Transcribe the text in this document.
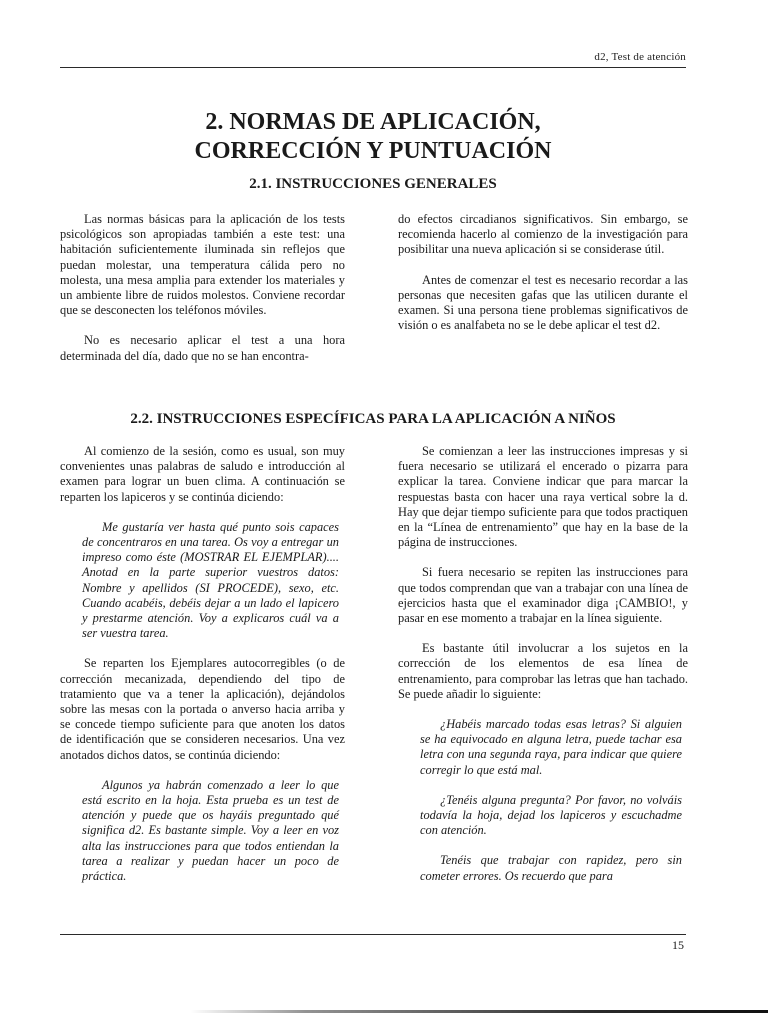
d2, Test de atención
2. NORMAS DE APLICACIÓN,
CORRECCIÓN Y PUNTUACIÓN
2.1. INSTRUCCIONES GENERALES

Las normas básicas para la aplicación de los tests psicológicos son apropiadas también a este test: una habitación suficientemente iluminada sin reflejos que puedan molestar, una temperatura cálida pero no molesta, una mesa amplia para extender los materiales y un ambiente libre de ruidos molestos. Conviene recordar que se desconecten los teléfonos móviles.

No es necesario aplicar el test a una hora determinada del día, dado que no se han encontra-

do efectos circadianos significativos. Sin embargo, se recomienda hacerlo al comienzo de la investigación para posibilitar una nueva aplicación si se considerase útil.

Antes de comenzar el test es necesario recordar a las personas que necesiten gafas que las utilicen durante el examen. Si una persona tiene problemas significativos de visión o es analfabeta no se le debe aplicar el test d2.

2.2. INSTRUCCIONES ESPECÍFICAS PARA LA APLICACIÓN A NIÑOS

Al comienzo de la sesión, como es usual, son muy convenientes unas palabras de saludo e introducción al examen para lograr un buen clima. A continuación se reparten los lapiceros y se continúa diciendo:

Me gustaría ver hasta qué punto sois capaces de concentraros en una tarea. Os voy a entregar un impreso como éste (MOSTRAR EL EJEMPLAR).... Anotad en la parte superior vuestros datos: Nombre y apellidos (SI PROCEDE), sexo, etc. Cuando acabéis, debéis dejar a un lado el lapicero y prestarme atención. Voy a explicaros cuál va a ser vuestra tarea.

Se reparten los Ejemplares autocorregibles (o de corrección mecanizada, dependiendo del tipo de tratamiento que va a tener la aplicación), dejándolos sobre las mesas con la portada o anverso hacia arriba y se concede tiempo suficiente para que anoten los datos de identificación que se consideren necesarios. Una vez anotados dichos datos, se continúa diciendo:

Algunos ya habrán comenzado a leer lo que está escrito en la hoja. Esta prueba es un test de atención y puede que os hayáis preguntado qué significa d2. Es bastante simple. Voy a leer en voz alta las instrucciones para que todos entiendan la tarea a realizar y puedan hacer un poco de práctica.

Se comienzan a leer las instrucciones impresas y si fuera necesario se utilizará el encerado o pizarra para explicar la tarea. Conviene indicar que para marcar la respuestas basta con hacer una raya vertical sobre la d. Hay que dejar tiempo suficiente para que todos practiquen en la “Línea de entrenamiento” que hay en la base de la página de instrucciones.

Si fuera necesario se repiten las instrucciones para que todos comprendan que van a trabajar con una línea de ejercicios hasta que el examinador diga ¡CAMBIO!, y pasar en ese momento a trabajar en la línea siguiente.

Es bastante útil involucrar a los sujetos en la corrección de los elementos de esa línea de entrenamiento, para comprobar las letras que han tachado. Se puede añadir lo siguiente:

¿Habéis marcado todas esas letras? Si alguien se ha equivocado en alguna letra, puede tachar esa letra con una segunda raya, para indicar que quiere corregir lo que está mal.

¿Tenéis alguna pregunta? Por favor, no volváis todavía la hoja, dejad los lapiceros y escuchadme con atención.

Tenéis que trabajar con rapidez, pero sin cometer errores. Os recuerdo que para

15
